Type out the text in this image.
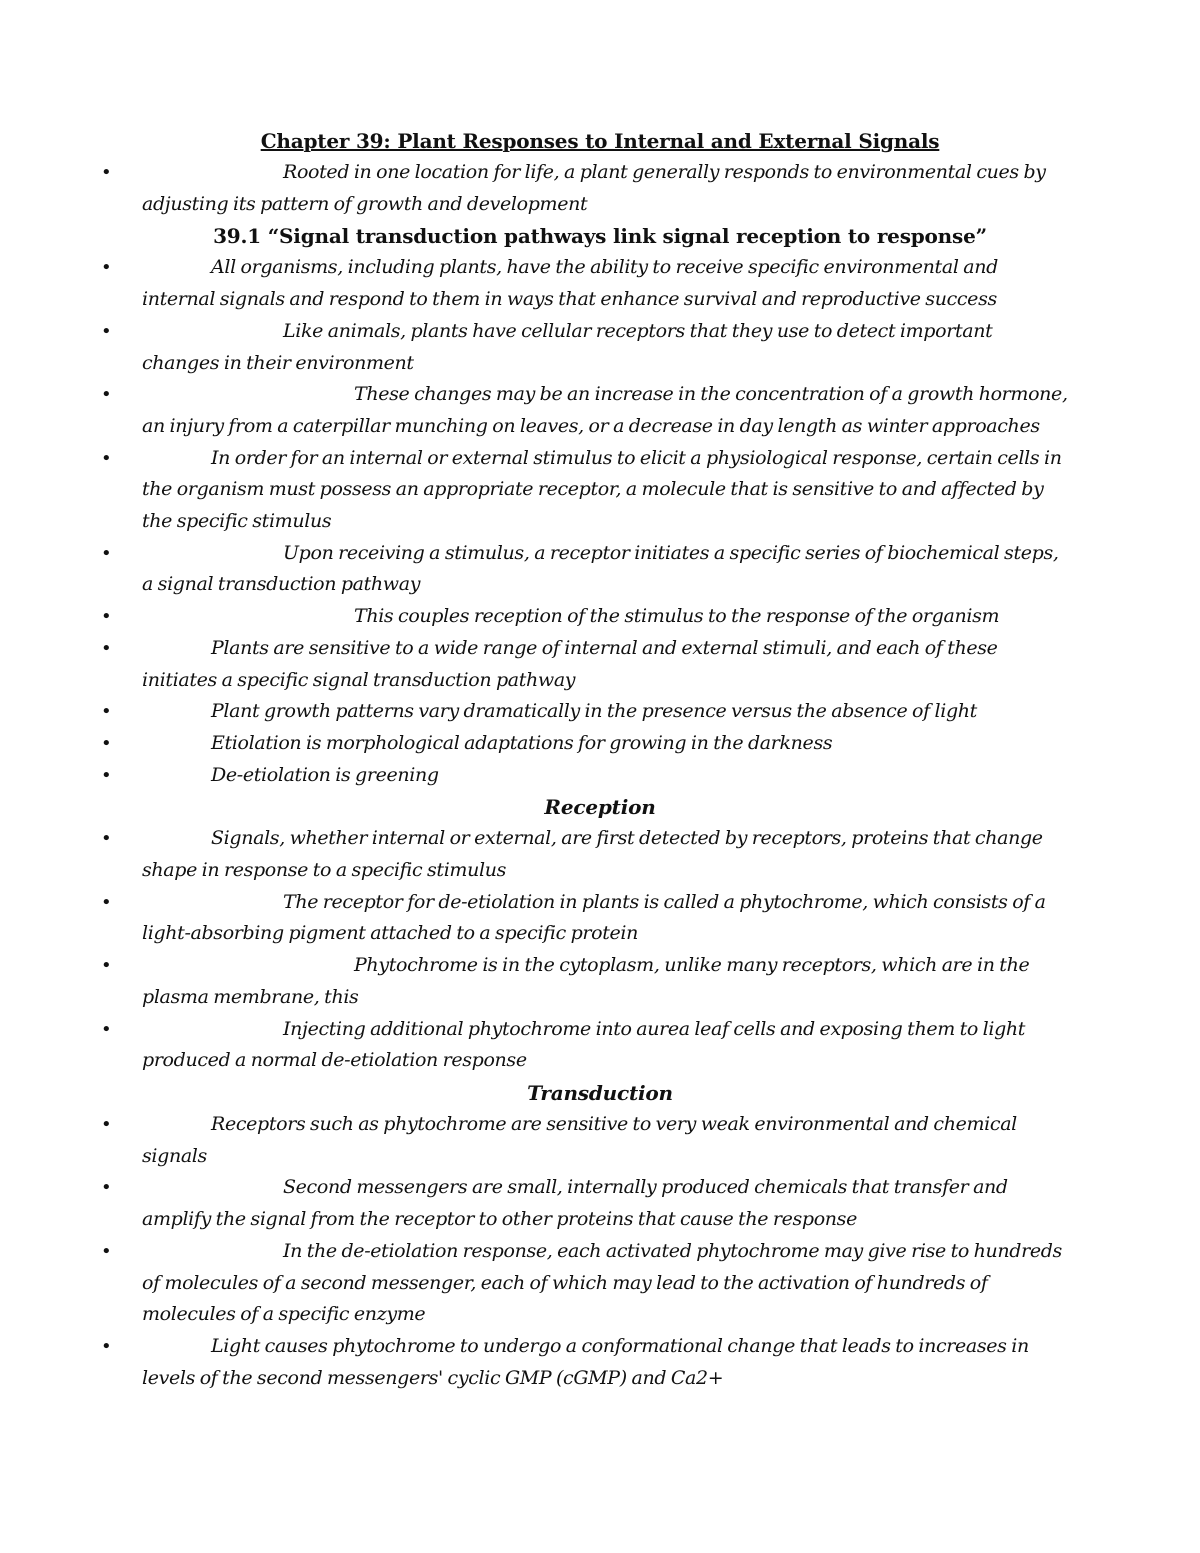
Chapter 39: Plant Responses to Internal and External Signals
•	Rooted in one location for life, a plant generally responds to environmental cues by adjusting its pattern of growth and development
39.1 “Signal transduction pathways link signal reception to response”
•	All organisms, including plants, have the ability to receive specific environmental and internal signals and respond to them in ways that enhance survival and reproductive success
•	Like animals, plants have cellular receptors that they use to detect important changes in their environment
•	These changes may be an increase in the concentration of a growth hormone, an injury from a caterpillar munching on leaves, or a decrease in day length as winter approaches
•	In order for an internal or external stimulus to elicit a physiological response, certain cells in the organism must possess an appropriate receptor, a molecule that is sensitive to and affected by the specific stimulus
•	Upon receiving a stimulus, a receptor initiates a specific series of biochemical steps, a signal transduction pathway
•	This couples reception of the stimulus to the response of the organism
•	Plants are sensitive to a wide range of internal and external stimuli, and each of these initiates a specific signal transduction pathway
•	Plant growth patterns vary dramatically in the presence versus the absence of light
•	Etiolation is morphological adaptations for growing in the darkness
•	De-etiolation is greening
Reception
•	Signals, whether internal or external, are first detected by receptors, proteins that change shape in response to a specific stimulus
•	The receptor for de-etiolation in plants is called a phytochrome, which consists of a light-absorbing pigment attached to a specific protein
•	Phytochrome is in the cytoplasm, unlike many receptors, which are in the plasma membrane, this
•	Injecting additional phytochrome into aurea leaf cells and exposing them to light produced a normal de-etiolation response
Transduction
•	Receptors such as phytochrome are sensitive to very weak environmental and chemical signals
•	Second messengers are small, internally produced chemicals that transfer and amplify the signal from the receptor to other proteins that cause the response
•	In the de-etiolation response, each activated phytochrome may give rise to hundreds of molecules of a second messenger, each of which may lead to the activation of hundreds of molecules of a specific enzyme
•	Light causes phytochrome to undergo a conformational change that leads to increases in levels of the second messengers' cyclic GMP (cGMP) and Ca2+
